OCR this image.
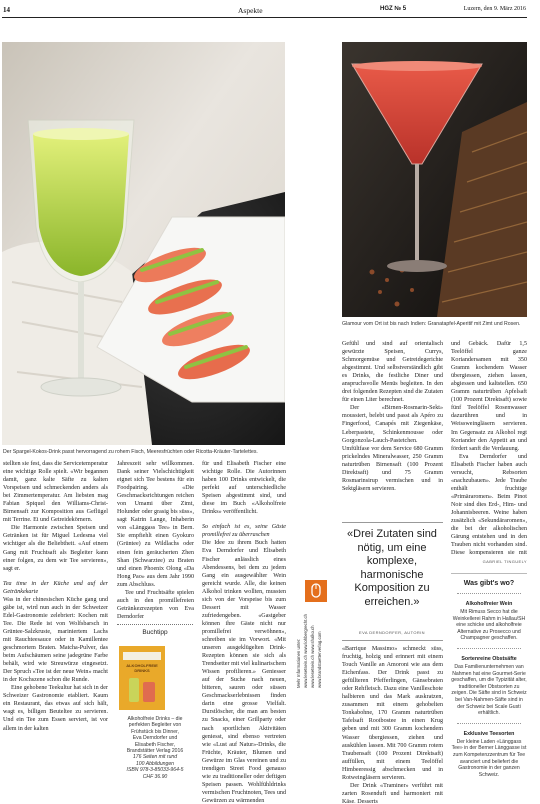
14	Aspekte	HGZ № 5	Luzern, den 9. März 2016
Der Spargel-Kokos-Drink passt hervorragend zu rohem Fisch, Meeresfrüchten oder Ricotta-Kräuter-Tartelettes.
Glamour vom Ort ist bis nach Indien: Granatapfel-Aperitif mit Zimt und Rosen.

stellten sie fest, dass die Servicetemperatur eine wichtige Rolle spielt. «Wir begannen damit, ganz kalte Säfte zu kalten Vorspeisen und schmeckenden anders als bei Zimmertemperatur. Am liebsten mag Fabian Spiquel den Williams-Christ-Birnensaft zur Komposition aus Geflügel mit Terrine. Ei und Getreidekörnern.

Die Harmonie zwischen Speisen und Getränken ist für Miguel Ledesma viel wichtiger als die Beliebtheit. «Auf einem Gang mit Fruchtsaft als Begleiter kann einer folgen, zu dem wir Tee servieren», sagt er.

Tea time in der Küche und auf der Getränkekarte

Was in der chinesischen Küche gang und gäbe ist, wird nun auch in der Schweizer Edel-Gastronomie zelebriert: Kochen mit Tee. Die Rede ist von Wolfsbarsch in Grüntee-Salzkruste, mariniertem Lachs mit Rauchteesauce oder in Kamillentee geschmortem Braten. Matcha-Pulver, das beim Aufschäumen seine jadegrüne Farbe behält, wird wie Streuwürze eingesetzt. Der Spruch «Tee ist der neue Wein» macht in der Kochszene schon die Runde.

Eine gehobene Teekultur hat sich in der Schweizer Gastronomie etabliert. Kaum ein Restaurant, das etwas auf sich hält, wagt es, billigen Beuteltee zu servieren. Und ein Tee zum Essen serviert, ist vor allem in der kalten

Jahreszeit sehr willkommen. Dank seiner Vielschichtigkeit eignet sich Tee bestens für ein Foodpairing. «Die Geschmacksrichtungen reichen von Umami über Zimt, Holunder oder grasig bis süss», sagt Katrin Lange, Inhaberin von «Länggass Tee» in Bern. Sie empfiehlt einen Gyokuro (Grüntee) zu Wildlachs oder einen fein geräucherten Zhen Shan (Schwarztee) zu Braten und einen Phoenix Olong «Da Hong Pao» aus dem Jahr 1990 zum Abschluss.

Tee und Fruchtsäfte spielen auch in den promillefreien Getränkezrezepten von Eva Derndorfer

Buchtipp
ALKOHOLFREIE DRINKS
Alkoholfreie Drinks – die
perfekten Begleiter von
Frühstück bis Dinner,
Eva Derndorfer und
Elisabeth Fischer,
Brandstätter Verlag 2016
176 Seiten mit rund
100 Abbildungen
ISBN 978-3-85033-964-5
CHF 36.90

für und Elisabeth Fischer eine wichtige Rolle. Die Autorinnen haben 100 Drinks entwickelt, die perfekt auf unterschiedliche Speisen abgestimmt sind, und diese im Buch «Alkoholfreie Drinks» veröffentlicht.

So einfach ist es, seine Gäste promillefrei zu überraschen

Die Idee zu ihrem Buch hatten Eva Derndorfer und Elisabeth Fischer anlässlich eines Abendessens, bei dem zu jedem Gang ein ausgewählter Wein gereicht wurde. Alle, die keinen Alkohol trinken wollten, mussten sich von der Vorspeise bis zum Dessert mit Wasser zufriedengeben. «Gastgeber können ihre Gäste nicht nur promillefrei verwöhnen», schreiben sie im Vorwort. «Mit unseren ausgeklügelten Drink-Rezepten können sie sich als Trendsetter mit viel kulinarischem Wissen profilieren.» Geniesser auf der Suche nach neuen, bitteren, sauren oder süssen Geschmackserlebnissen finden darin eine grosse Vielfalt. Durstlöscher, die man am besten zu Snacks, einer Grillparty oder nach sportlichen Aktivitäten geniesst, sind ebenso vertreten wie «Lust auf Natur»-Drinks, die Früchte, Kräuter, Blumen und Gewürze im Glas vereinen und zu trendigen Street Food genauso wie zu traditioneller oder deftigen Speisen passen. Wohlfühldrinks vermischen Fruchtnoten, Tees und Gewürzen zu wärmenden

Mehr Informationen unter: www.lesetsein.ch www.lohbergrecht.ch www.lesetsein.ch www.shalko.ch www.brandstaetterverlag.com

Gefühl und sind auf orientalisch gewürzte Speisen, Currys, Schmorgemüse und Getreidegerichte abgestimmt. Und selbstverständlich gibt es Drinks, die festliche Diner und anspruchsvolle Menüs begleiten. In den drei folgenden Rezepten sind die Zutaten für einen Liter berechnet.

Der «Birnen-Rosmarin-Sekt» moussiert, belebt und passt als Apéro zu Fingerfood, Canapés mit Ziegenkäse, Leberpastete, Schinkenmousse oder Gorgonzola-Lauch-Pastetchen. Umfültfase vor dem Service 680 Gramm prickelndes Mineralwasser, 250 Gramm naturtrüben Birnensaft (100 Prozent Direktsaft) und 75 Gramm Rosmarinsirup vermischen und in Sektgläsern servieren.

«Drei Zutaten sind nötig, um eine komplexe, harmonische Komposition zu erreichen.»
EVA DERNDORFER, AUTORIN

«Barrique Massimo» schmeckt süss, fruchtig, holzig und erinnert mit einem Touch Vanille an Amoroni wie aus dem Eichenfass. Der Drink passt zu gefüllteren Pfefferlingen, Gänsebraten oder Rehfleisch. Dazu eine Vanilleschote halbieren und das Mark auskratzen, zusammen mit einem gehobelten Tonkabohne, 170 Gramm naturtrüben Tafelsaft Rooibostee in einen Krug geben und mit 300 Gramm kochendem Wasser übergiessen, ziehen und auskühlen lassen. Mit 700 Gramm rotem Traubensaft (100 Prozent Direktsaft) auffüllen, mit einem Teelöffel Himbeeressig abschmecken und in Rotweingläsern servieren.

Der Drink «Traminer» verführt mit zarten Rosenduft und harmoniert mit Käse, Desserts

und Gebäck. Dafür 1,5 Teelöffel ganze Koriandersamen mit 350 Gramm kochendem Wasser übergiessen, ziehen lassen, abgiessen und kaltstellen. 650 Gramm naturtrüben Apfelsaft (100 Prozent Direktsaft) sowie fünf Teelöffel Rosenwasser dazurühren und in Weissweingläsern servieren. Im Gegensatz zu Alkohol regt Koriander den Appetit an und fördert sanft die Verdauung.

Eva Derndorfer und Elisabeth Fischer haben auch versucht, Rebsorten «nachzubauen». Jede Traube enthält fruchtige «Primäraromen». Beim Pinot Noir sind dies Erd-, Him- und Johannisbeeren. Weine haben zusätzlich «Sekundäraromen», die bei der alkoholischen Gärung entstehen und in den Trauben nicht vorhanden sind. Diese kompensieren sie mit

GABRIEL TINGUELY
Was gibt's wo?
Alkoholfreier Wein
Mit Rimuss Secco hat die Weinkellerei Rahm in Hallau/SH eine schicke und alkoholfreie Alternative zu Prosecco und Champagner geschaffen.
Sortenreine Obstsäfte
Das Familienunternehmen van Nahmen hat eine Gourmet-Serie geschaffen, um die Typizität alter, traditioneller Obstsorten zu zeigen. Die Säfte sind in Schweiz bei Van-Nahmen-Säfte sind in der Schweiz bei Scale Gusti erhältlich.
Exklusive Teesorten
Der kleine Laden «Länggass Tee» in der Berner Länggasse ist zum Kompetenzzentrum für Tee avanciert und beliefert die Gastronomie in der ganzen Schweiz.
